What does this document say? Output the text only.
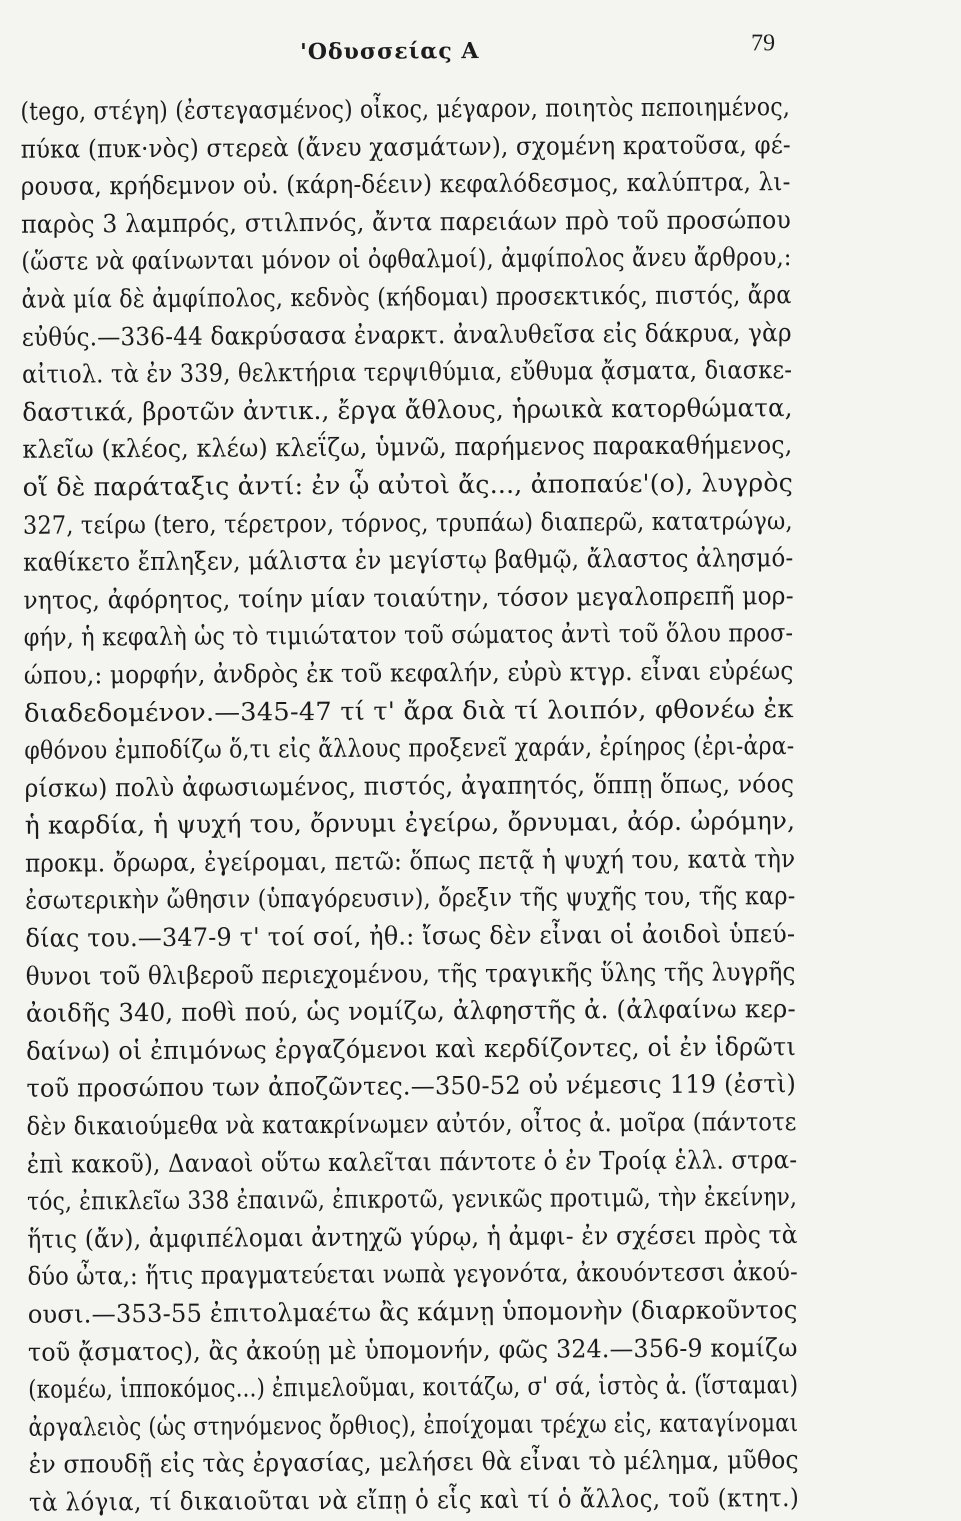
'Οδυσσείας Α	79
(tego, στέγη) (ἐστεγασμένος) οἶκος, μέγαρον, ποιητὸς πεποιημένος,
πύκα (πυκ·νὸς) στερεὰ (ἄνευ χασμάτων), σχομένη κρατοῦσα, φέ-
ρουσα, κρήδεμνον οὐ. (κάρη-δέειν) κεφαλόδεσμος, καλύπτρα, λι-
παρὸς 3 λαμπρός, στιλπνός, ἄντα παρειάων πρὸ τοῦ προσώπου
(ὥστε νὰ φαίνωνται μόνον οἱ ὀφθαλμοί), ἀμφίπολος ἄνευ ἄρθρου,:
ἀνὰ μία δὲ ἀμφίπολος, κεδνὸς (κήδομαι) προσεκτικός, πιστός, ἄρα
εὐθύς.—336-44 δακρύσασα ἐναρκτ. ἀναλυθεῖσα εἰς δάκρυα, γὰρ
αἰτιολ. τὰ ἐν 339, θελκτήρια τερψιθύμια, εὔθυμα ᾄσματα, διασκε-
δαστικά, βροτῶν ἀντικ., ἔργα ἄθλους, ἡρωικὰ κατορθώματα,
κλεῖω (κλέος, κλέω) κλεΐζω, ὑμνῶ, παρήμενος παρακαθήμενος,
οἵ δὲ παράταξις ἀντί: ἐν ᾧ αὐτοὶ ἄς..., ἀποπαύε'(ο), λυγρὸς
327, τείρω (tero, τέρετρον, τόρνος, τρυπάω) διαπερῶ, κατατρώγω,
καθίκετο ἔπληξεν, μάλιστα ἐν μεγίστῳ βαθμῷ, ἄλαστος ἀλησμό-
νητος, ἀφόρητος, τοίην μίαν τοιαύτην, τόσον μεγαλοπρεπῆ μορ-
φήν, ἡ κεφαλὴ ὡς τὸ τιμιώτατον τοῦ σώματος ἀντὶ τοῦ ὅλου προσ-
ώπου,: μορφήν, ἀνδρὸς ἐκ τοῦ κεφαλήν, εὐρὺ κτγρ. εἶναι εὐρέως
διαδεδομένον.—345-47 τί τ' ἄρα διὰ τί λοιπόν, φθονέω ἐκ
φθόνου ἐμποδίζω ὅ,τι εἰς ἄλλους προξενεῖ χαράν, ἐρίηρος (ἐρι-ἀρα-
ρίσκω) πολὺ ἀφωσιωμένος, πιστός, ἀγαπητός, ὅππῃ ὅπως, νόος
ἡ καρδία, ἡ ψυχή του, ὄρνυμι ἐγείρω, ὄρνυμαι, ἀόρ. ὠρόμην,
προκμ. ὄρωρα, ἐγείρομαι, πετῶ: ὅπως πετᾷ ἡ ψυχή του, κατὰ τὴν
ἐσωτερικὴν ὤθησιν (ὑπαγόρευσιν), ὄρεξιν τῆς ψυχῆς του, τῆς καρ-
δίας του.—347-9 τ' τοί σοί, ἠθ.: ἴσως δὲν εἶναι οἱ ἀοιδοὶ ὑπεύ-
θυνοι τοῦ θλιβεροῦ περιεχομένου, τῆς τραγικῆς ὕλης τῆς λυγρῆς
ἀοιδῆς 340, ποθὶ πού, ὡς νομίζω, ἀλφηστῆς ἀ. (ἀλφαίνω κερ-
δαίνω) οἱ ἐπιμόνως ἐργαζόμενοι καὶ κερδίζοντες, οἱ ἐν ἱδρῶτι
τοῦ προσώπου των ἀποζῶντες.—350-52 οὐ νέμεσις 119 (ἐστὶ)
δὲν δικαιούμεθα νὰ κατακρίνωμεν αὐτόν, οἶτος ἀ. μοῖρα (πάντοτε
ἐπὶ κακοῦ), Δαναοὶ οὕτω καλεῖται πάντοτε ὁ ἐν Τροίᾳ ἑλλ. στρα-
τός, ἐπικλεῖω 338 ἐπαινῶ, ἐπικροτῶ, γενικῶς προτιμῶ, τὴν ἐκείνην,
ἥτις (ἄν), ἀμφιπέλομαι ἀντηχῶ γύρῳ, ἡ ἀμφι- ἐν σχέσει πρὸς τὰ
δύο ὦτα,: ἥτις πραγματεύεται νωπὰ γεγονότα, ἀκουόντεσσι ἀκού-
ουσι.—353-55 ἐπιτολμαέτω ἂς κάμνῃ ὑπομονὴν (διαρκοῦντος
τοῦ ᾄσματος), ἂς ἀκούῃ μὲ ὑπομονήν, φῶς 324.—356-9 κομίζω
(κομέω, ἱπποκόμος...) ἐπιμελοῦμαι, κοιτάζω, σ' σά, ἱστὸς ἀ. (ἵσταμαι)
ἀργαλειὸς (ὡς στηνόμενος ὄρθιος), ἐποίχομαι τρέχω εἰς, καταγίνομαι
ἐν σπουδῇ εἰς τὰς ἐργασίας, μελήσει θὰ εἶναι τὸ μέλημα, μῦθος
τὰ λόγια, τί δικαιοῦται νὰ εἴπῃ ὁ εἷς καὶ τί ὁ ἄλλος, τοῦ (κτητ.)
